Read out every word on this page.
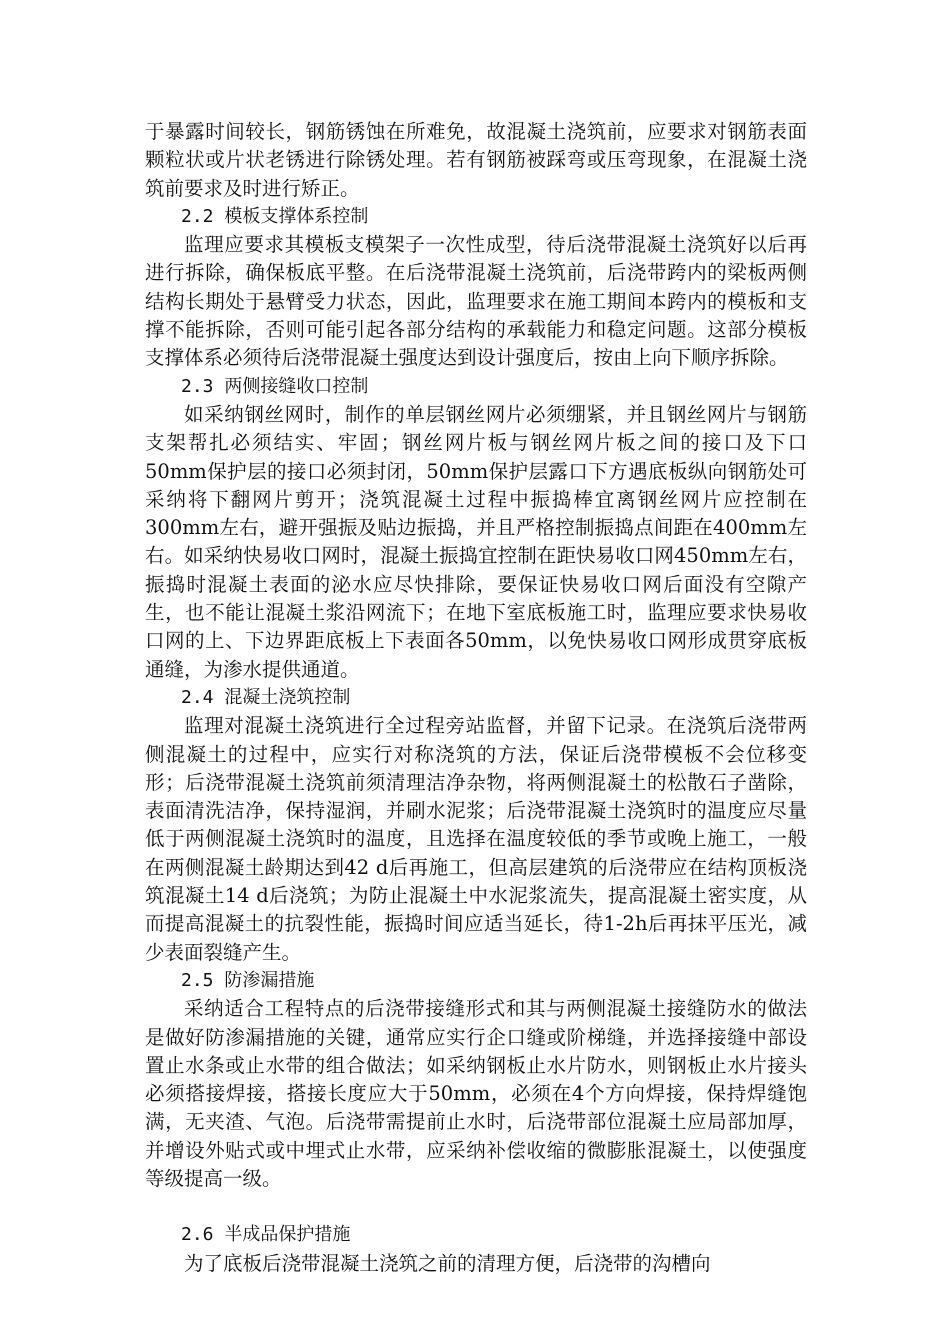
于暴露时间较长，钢筋锈蚀在所难免，故混凝土浇筑前，应要求对钢筋表面颗粒状或片状老锈进行除锈处理。若有钢筋被踩弯或压弯现象，在混凝土浇筑前要求及时进行矫正。

2.2 模板支撑体系控制

监理应要求其模板支模架子一次性成型，待后浇带混凝土浇筑好以后再进行拆除，确保板底平整。在后浇带混凝土浇筑前，后浇带跨内的梁板两侧结构长期处于悬臂受力状态，因此，监理要求在施工期间本跨内的模板和支撑不能拆除，否则可能引起各部分结构的承载能力和稳定问题。这部分模板支撑体系必须待后浇带混凝土强度达到设计强度后，按由上向下顺序拆除。

2.3 两侧接缝收口控制

如采纳钢丝网时，制作的单层钢丝网片必须绷紧，并且钢丝网片与钢筋支架帮扎必须结实、牢固；钢丝网片板与钢丝网片板之间的接口及下口50mm保护层的接口必须封闭，50mm保护层露口下方遇底板纵向钢筋处可采纳将下翻网片剪开；浇筑混凝土过程中振捣棒宜离钢丝网片应控制在300mm左右，避开强振及贴边振捣，并且严格控制振捣点间距在400mm左右。如采纳快易收口网时，混凝土振捣宜控制在距快易收口网450mm左右，振捣时混凝土表面的泌水应尽快排除，要保证快易收口网后面没有空隙产生，也不能让混凝土浆沿网流下；在地下室底板施工时，监理应要求快易收口网的上、下边界距底板上下表面各50mm，以免快易收口网形成贯穿底板通缝，为渗水提供通道。

2.4 混凝土浇筑控制

监理对混凝土浇筑进行全过程旁站监督，并留下记录。在浇筑后浇带两侧混凝土的过程中，应实行对称浇筑的方法，保证后浇带模板不会位移变形；后浇带混凝土浇筑前须清理洁净杂物，将两侧混凝土的松散石子凿除，表面清洗洁净，保持湿润，并刷水泥浆；后浇带混凝土浇筑时的温度应尽量低于两侧混凝土浇筑时的温度，且选择在温度较低的季节或晚上施工，一般在两侧混凝土龄期达到42 d后再施工，但高层建筑的后浇带应在结构顶板浇筑混凝土14 d后浇筑；为防止混凝土中水泥浆流失，提高混凝土密实度，从而提高混凝土的抗裂性能，振捣时间应适当延长，待1-2h后再抹平压光，减少表面裂缝产生。

2.5 防渗漏措施

采纳适合工程特点的后浇带接缝形式和其与两侧混凝土接缝防水的做法是做好防渗漏措施的关键，通常应实行企口缝或阶梯缝，并选择接缝中部设置止水条或止水带的组合做法；如采纳钢板止水片防水，则钢板止水片接头必须搭接焊接，搭接长度应大于50mm，必须在4个方向焊接，保持焊缝饱满，无夹渣、气泡。后浇带需提前止水时，后浇带部位混凝土应局部加厚，并增设外贴式或中埋式止水带，应采纳补偿收缩的微膨胀混凝土，以使强度等级提高一级。

2.6 半成品保护措施

为了底板后浇带混凝土浇筑之前的清理方便，后浇带的沟槽向
